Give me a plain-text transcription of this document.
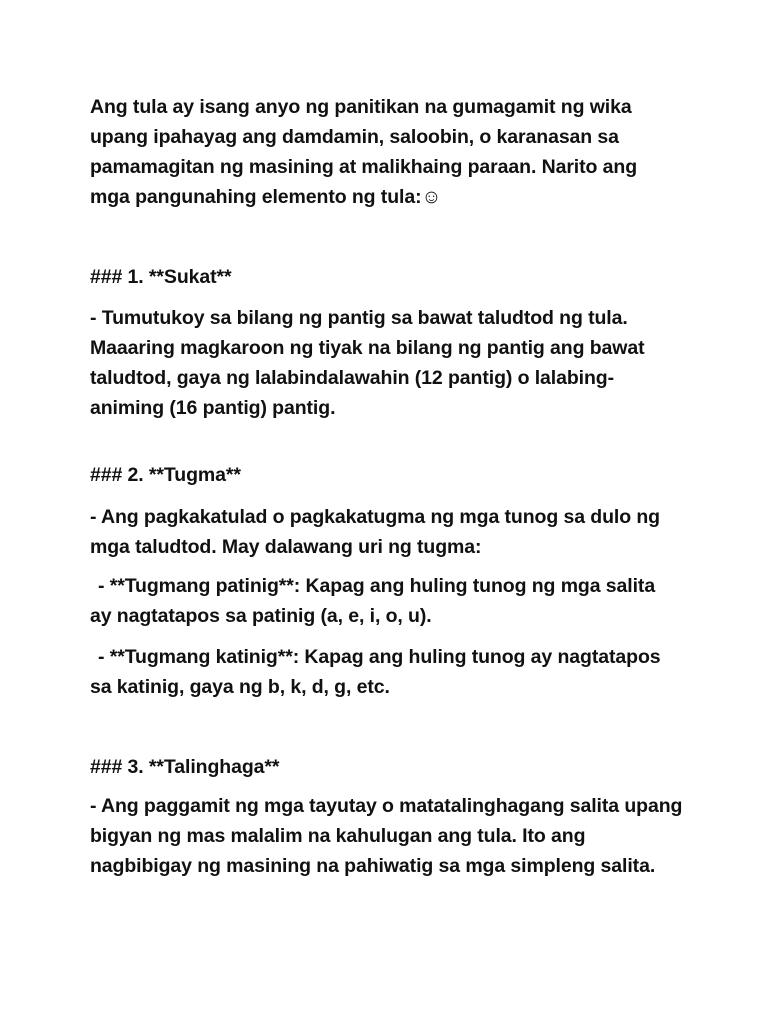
Ang tula ay isang anyo ng panitikan na gumagamit ng wika
upang ipahayag ang damdamin, saloobin, o karanasan sa
pamamagitan ng masining at malikhaing paraan. Narito ang
mga pangunahing elemento ng tula:☺
### 1. **Sukat**
- Tumutukoy sa bilang ng pantig sa bawat taludtod ng tula.
Maaaring magkaroon ng tiyak na bilang ng pantig ang bawat
taludtod, gaya ng lalabindalawahin (12 pantig) o lalabing-
animing (16 pantig) pantig.
### 2. **Tugma**
- Ang pagkakatulad o pagkakatugma ng mga tunog sa dulo ng
mga taludtod. May dalawang uri ng tugma:
- **Tugmang patinig**: Kapag ang huling tunog ng mga salita
ay nagtatapos sa patinig (a, e, i, o, u).
- **Tugmang katinig**: Kapag ang huling tunog ay nagtatapos
sa katinig, gaya ng b, k, d, g, etc.
### 3. **Talinghaga**
- Ang paggamit ng mga tayutay o matatalinghagang salita upang
bigyan ng mas malalim na kahulugan ang tula. Ito ang
nagbibigay ng masining na pahiwatig sa mga simpleng salita.
